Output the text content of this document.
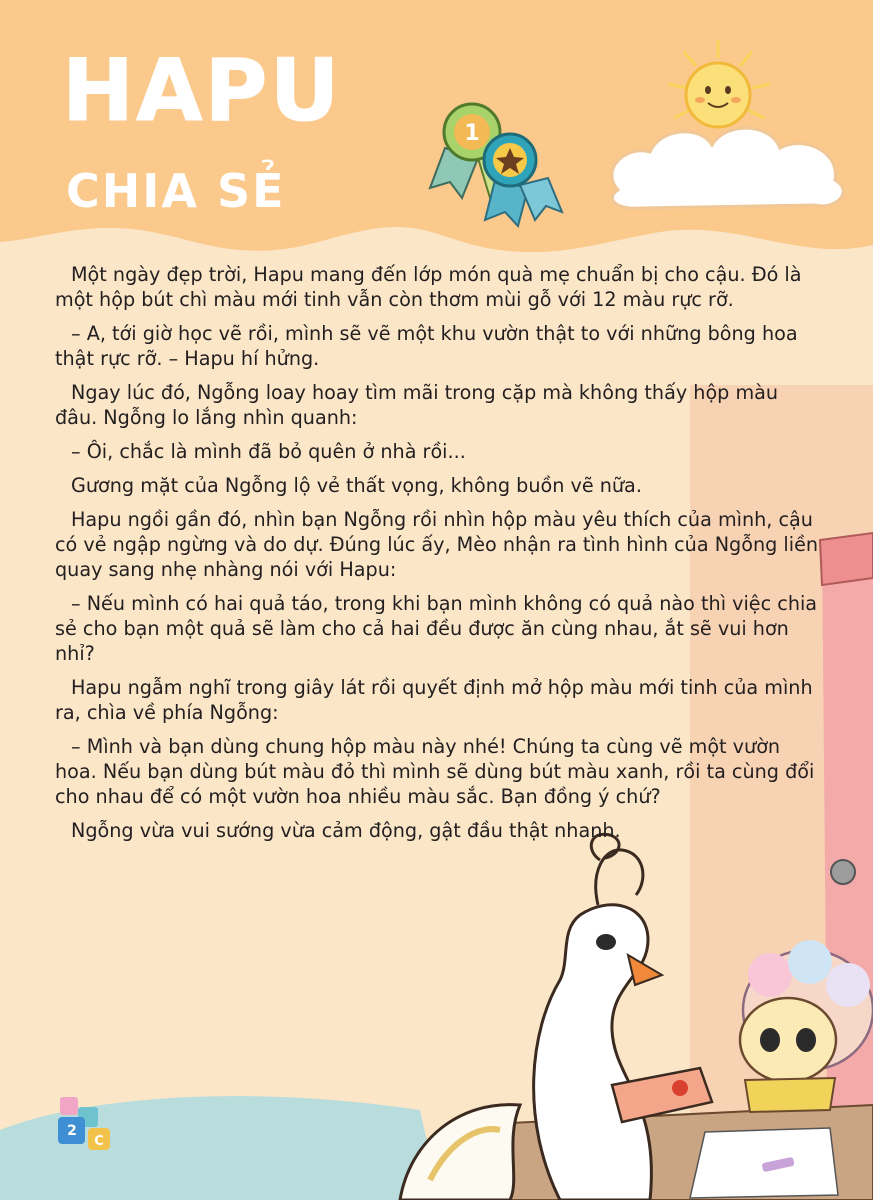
1
C
HAPU
CHIA SẺ

Một ngày đẹp trời, Hapu mang đến lớp món quà mẹ chuẩn bị cho cậu. Đó là một hộp bút chì màu mới tinh vẫn còn thơm mùi gỗ với 12 màu rực rỡ.

– A, tới giờ học vẽ rồi, mình sẽ vẽ một khu vườn thật to với những bông hoa thật rực rỡ. – Hapu hí hửng.

Ngay lúc đó, Ngỗng loay hoay tìm mãi trong cặp mà không thấy hộp màu đâu. Ngỗng lo lắng nhìn quanh:

– Ôi, chắc là mình đã bỏ quên ở nhà rồi...

Gương mặt của Ngỗng lộ vẻ thất vọng, không buồn vẽ nữa.

Hapu ngồi gần đó, nhìn bạn Ngỗng rồi nhìn hộp màu yêu thích của mình, cậu có vẻ ngập ngừng và do dự. Đúng lúc ấy, Mèo nhận ra tình hình của Ngỗng liền quay sang nhẹ nhàng nói với Hapu:

– Nếu mình có hai quả táo, trong khi bạn mình không có quả nào thì việc chia sẻ cho bạn một quả sẽ làm cho cả hai đều được ăn cùng nhau, ắt sẽ vui hơn nhỉ?

Hapu ngẫm nghĩ trong giây lát rồi quyết định mở hộp màu mới tinh của mình ra, chìa về phía Ngỗng:

– Mình và bạn dùng chung hộp màu này nhé! Chúng ta cùng vẽ một vườn hoa. Nếu bạn dùng bút màu đỏ thì mình sẽ dùng bút màu xanh, rồi ta cùng đổi cho nhau để có một vườn hoa nhiều màu sắc. Bạn đồng ý chứ?

Ngỗng vừa vui sướng vừa cảm động, gật đầu thật nhanh.

2
